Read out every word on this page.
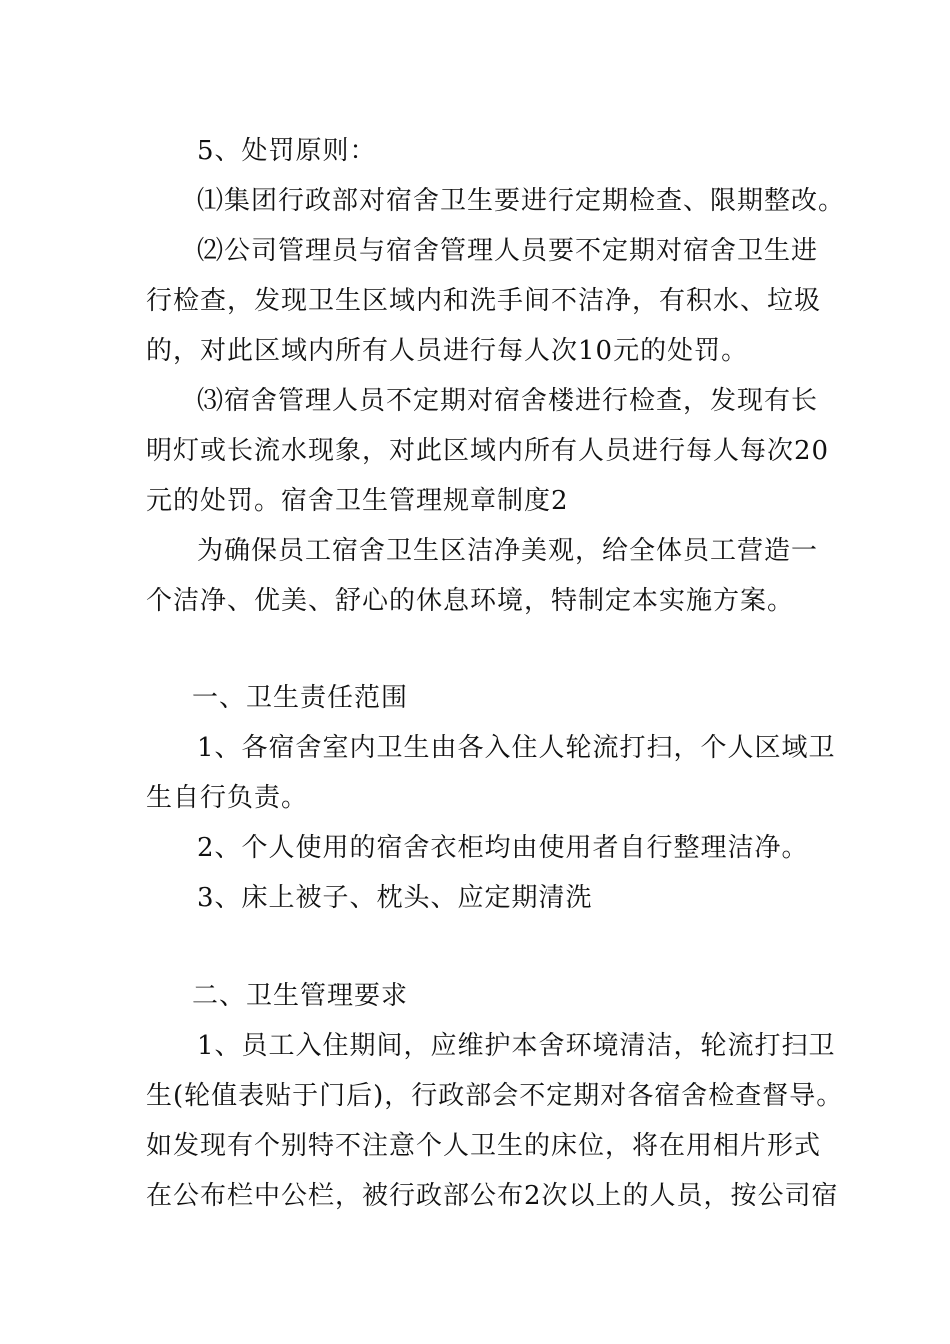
5、处罚原则：
⑴集团行政部对宿舍卫生要进行定期检查、限期整改。
⑵公司管理员与宿舍管理人员要不定期对宿舍卫生进
行检查，发现卫生区域内和洗手间不洁净，有积水、垃圾
的，对此区域内所有人员进行每人次10元的处罚。
⑶宿舍管理人员不定期对宿舍楼进行检查，发现有长
明灯或长流水现象，对此区域内所有人员进行每人每次20
元的处罚。宿舍卫生管理规章制度2
为确保员工宿舍卫生区洁净美观，给全体员工营造一
个洁净、优美、舒心的休息环境，特制定本实施方案。
一、卫生责任范围
1、各宿舍室内卫生由各入住人轮流打扫，个人区域卫
生自行负责。
2、个人使用的宿舍衣柜均由使用者自行整理洁净。
3、床上被子、枕头、应定期清洗
二、卫生管理要求
1、员工入住期间，应维护本舍环境清洁，轮流打扫卫
生(轮值表贴于门后)，行政部会不定期对各宿舍检查督导。
如发现有个别特不注意个人卫生的床位，将在用相片形式
在公布栏中公栏，被行政部公布2次以上的人员，按公司宿
